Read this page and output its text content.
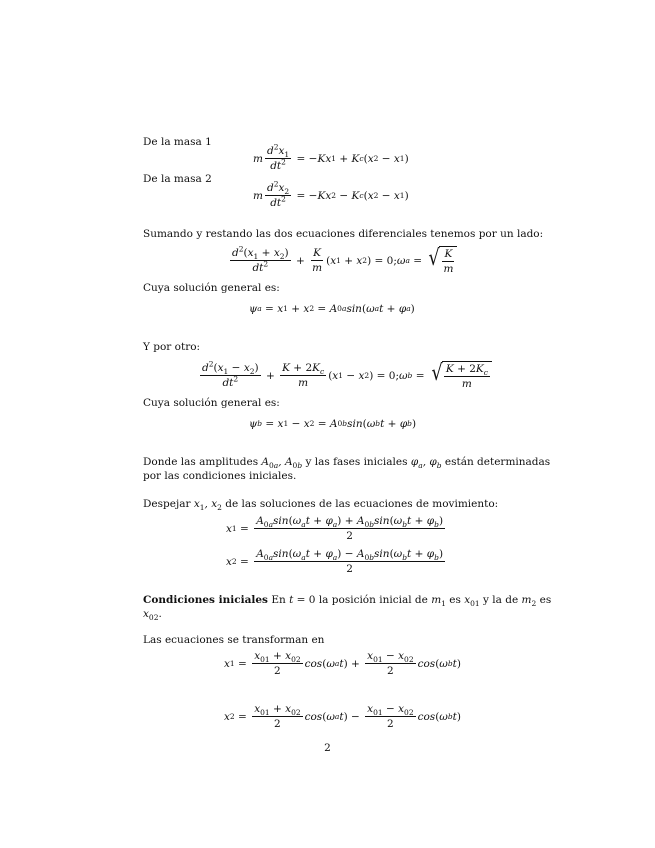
De la masa 1
m $\frac{d^2x_1}{dt^2}$ = − Kx 1 + K c ( x 2 − x 1 )
De la masa 2
m $\frac{d^2x_2}{dt^2}$ = − Kx 2 − K c ( x 2 − x 1 )
Sumando y restando las dos ecuaciones diferenciales tenemos por un lado:
$\frac{d^2(x_1 + x_2)}{dt^2} + \frac{K}{m}$ ( x 1 + x 2 ) = 0; ω a = √ $\frac{K}{m}$
Cuya solución general es:
ψ a = x 1 + x 2 = A 0a sin ( ω a t + φ a )
Y por otro:
$\frac{d^2(x_1 - x_2)}{dt^2} + \frac{K + 2K_c}{m}$ ( x 1 − x 2 ) = 0; ω b = √ $\frac{K + 2K_c}{m}$
Cuya solución general es:
ψ b = x 1 − x 2 = A 0b sin ( ω b t + φ b )
Donde las amplitudes $A_{0a}$, $A_{0b}$ y las fases iniciales $\varphi_a$, $\varphi_b$ están determinadas
por las condiciones iniciales.
Despejar $x_1$, $x_2$ de las soluciones de las ecuaciones de movimiento:
x $1 = \frac{A_{0a}\sin(\omega_at + \varphi_a) + A_{0b}\sin(\omega_bt + \varphi_b)}{2}$
x $2 = \frac{A_{0a}\sin(\omega_at + \varphi_a) - A_{0b}\sin(\omega_bt + \varphi_b)}{2}$
Condiciones iniciales En t = 0 la posición inicial de $m_1$ es $x_{01}$ y la de $m_2$ es
$x_{02}$.
Las ecuaciones se transforman en
x $1 = \frac{x_{01} + x_{02}}{2}$ cos ( ω a t ) + $\frac{x_{01} - x_{02}}{2}$ cos ( ω b t )
x $2 = \frac{x_{01} + x_{02}}{2}$ cos ( ω a t ) − $\frac{x_{01} - x_{02}}{2}$ cos ( ω b t )
2
